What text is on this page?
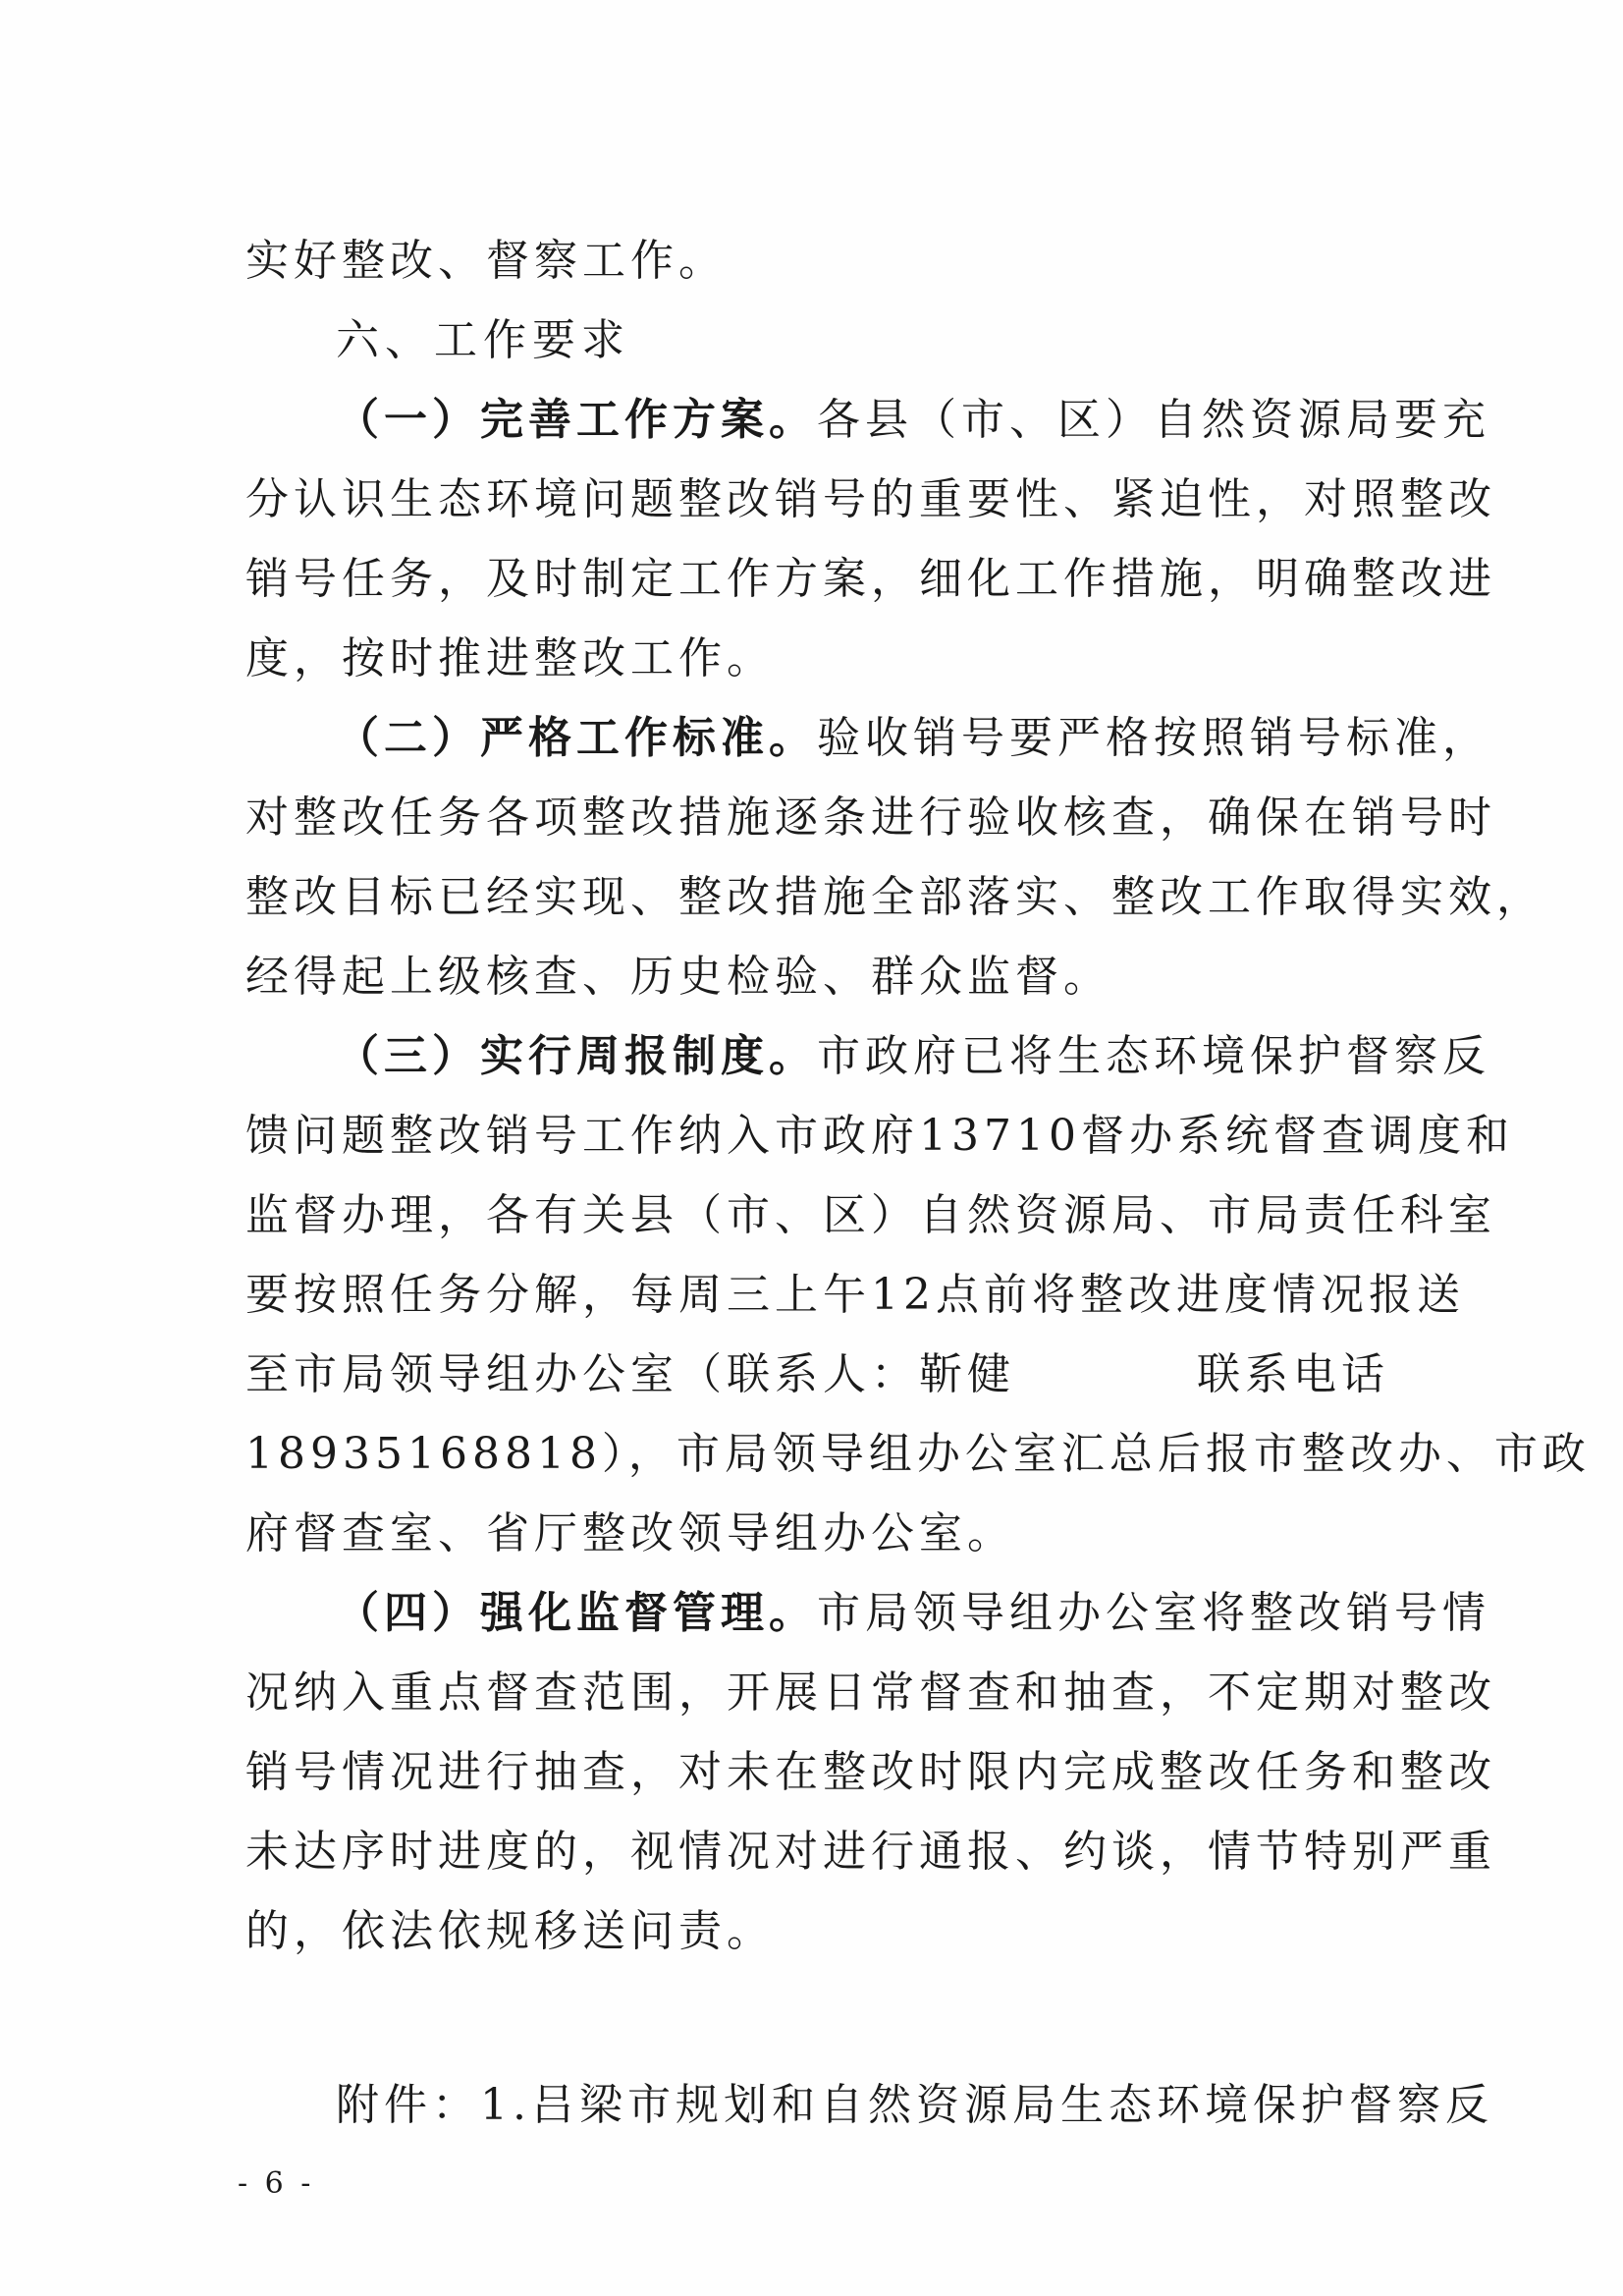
实好整改、督察工作。
六、工作要求
（一）完善工作方案。各县（市、区）自然资源局要充
分认识生态环境问题整改销号的重要性、紧迫性，对照整改
销号任务，及时制定工作方案，细化工作措施，明确整改进
度，按时推进整改工作。
（二）严格工作标准。验收销号要严格按照销号标准，
对整改任务各项整改措施逐条进行验收核查，确保在销号时
整改目标已经实现、整改措施全部落实、整改工作取得实效，
经得起上级核查、历史检验、群众监督。
（三）实行周报制度。市政府已将生态环境保护督察反
馈问题整改销号工作纳入市政府13710督办系统督查调度和
监督办理，各有关县（市、区）自然资源局、市局责任科室
要按照任务分解，每周三上午12点前将整改进度情况报送
至市局领导组办公室（联系人：靳健	联系电话
18935168818），市局领导组办公室汇总后报市整改办、市政
府督查室、省厅整改领导组办公室。
（四）强化监督管理。市局领导组办公室将整改销号情
况纳入重点督查范围，开展日常督查和抽查，不定期对整改
销号情况进行抽查，对未在整改时限内完成整改任务和整改
未达序时进度的，视情况对进行通报、约谈，情节特别严重
的，依法依规移送问责。
附件：1.吕梁市规划和自然资源局生态环境保护督察反
- 6 -
